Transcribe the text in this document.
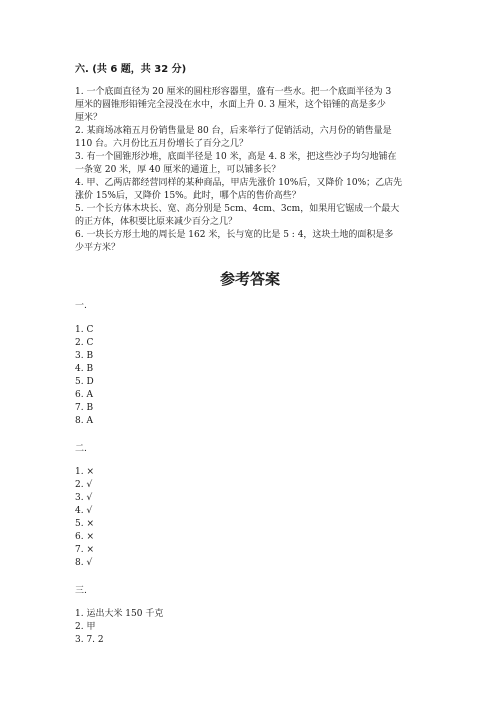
六. (共 6 题，共 32 分)
1. 一个底面直径为 20 厘米的圆柱形容器里，盛有一些水。把一个底面半径为 3
厘米的圆锥形铅锤完全浸没在水中，水面上升 0. 3 厘米，这个铅锤的高是多少
厘米？
2. 某商场冰箱五月份销售量是 80 台，后来举行了促销活动，六月份的销售量是
110 台。六月份比五月份增长了百分之几？
3. 有一个圆锥形沙堆，底面半径是 10 米，高是 4. 8 米，把这些沙子均匀地铺在
一条宽 20 米，厚 40 厘米的通道上，可以铺多长？
4. 甲、乙两店都经营同样的某种商品，甲店先涨价 10%后，又降价 10%；乙店先
涨价 15%后，又降价 15%。此时，哪个店的售价高些？
5. 一个长方体木块长、宽、高分别是 5cm、4cm、3cm，如果用它锯成一个最大
的正方体，体积要比原来减少百分之几？
6. 一块长方形土地的周长是 162 米，长与宽的比是 5 : 4，这块土地的面积是多
少平方米？
参考答案
一.
1. C
2. C
3. B
4. B
5. D
6. A
7. B
8. A
二.
1. ×
2. √
3. √
4. √
5. ×
6. ×
7. ×
8. √
三.
1. 运出大米 150 千克
2. 甲
3. 7. 2
